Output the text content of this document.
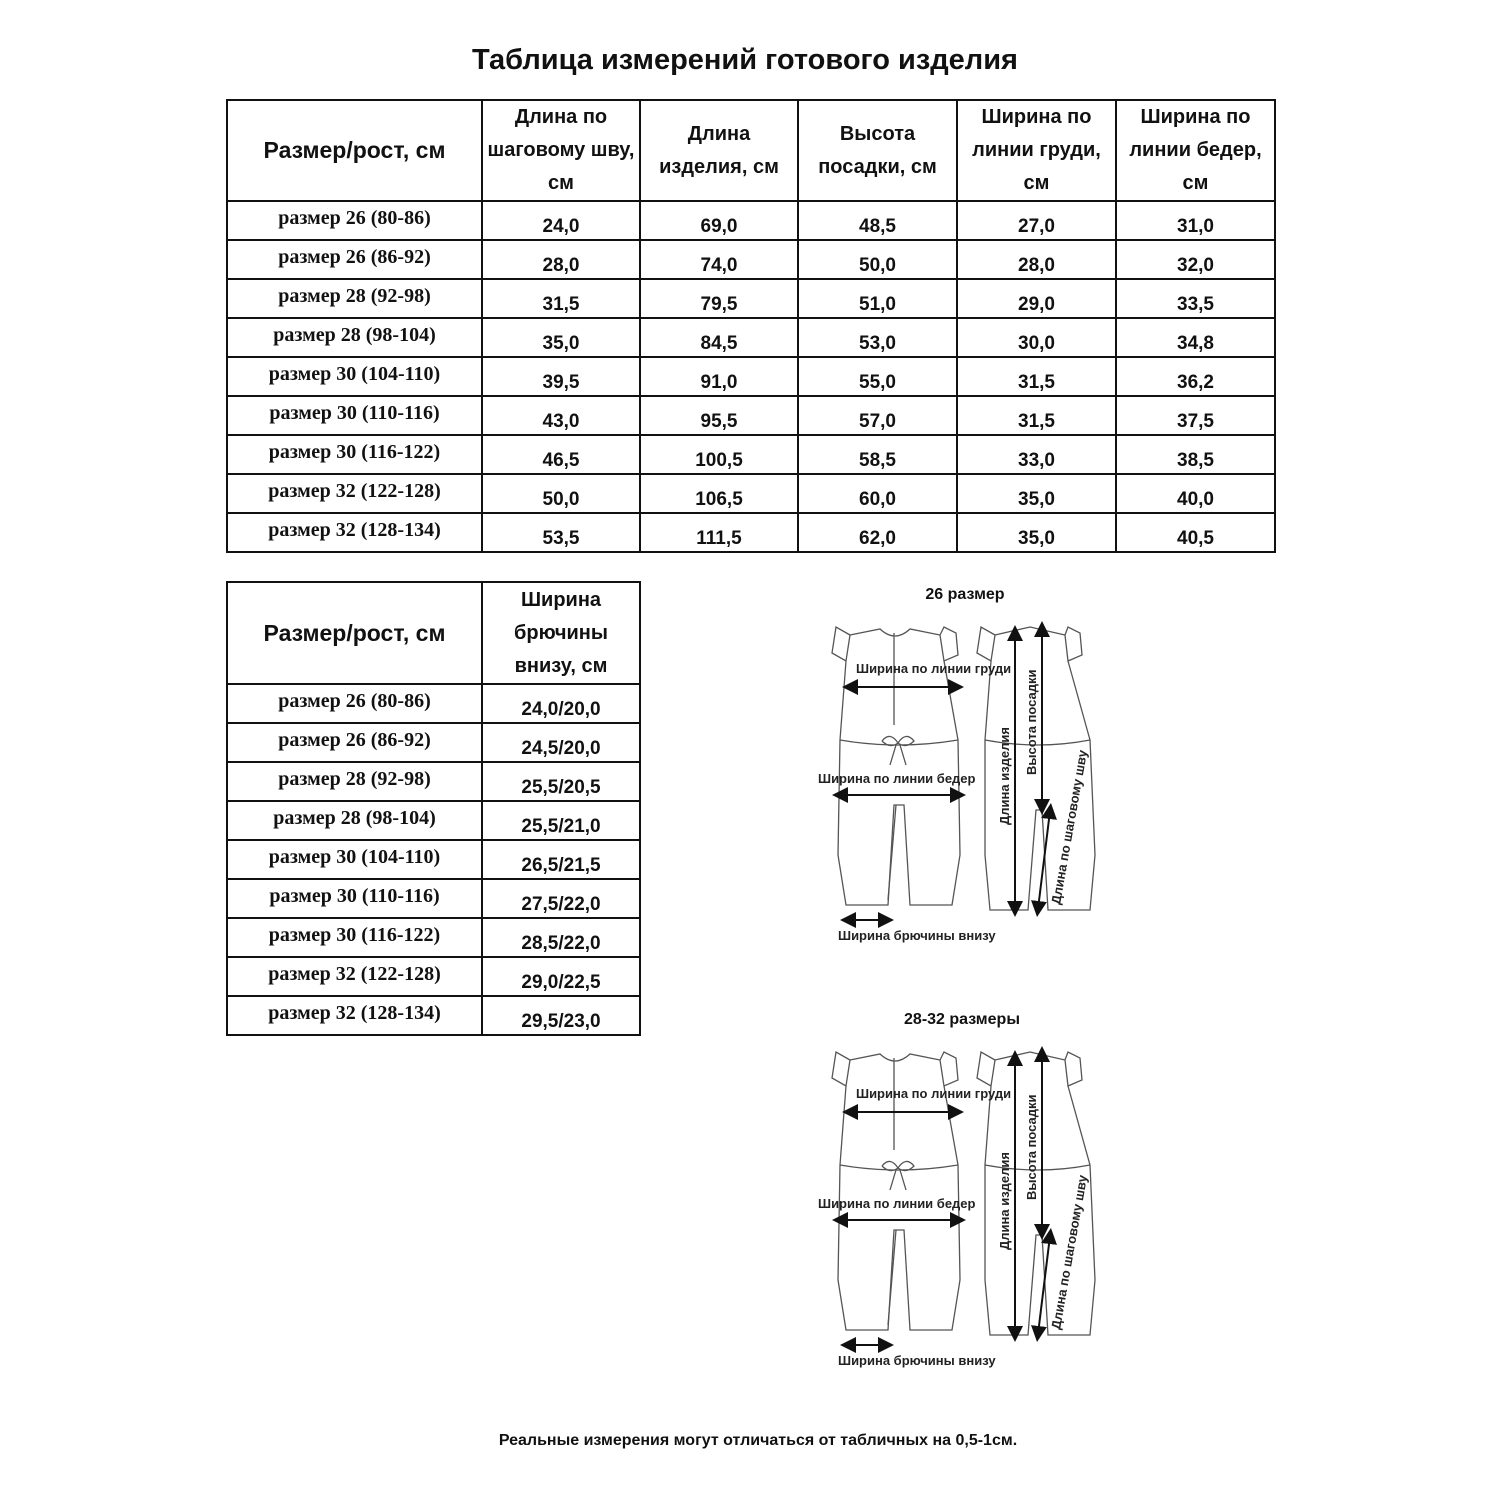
Таблица измерений готового изделия
Размер/рост, см	Длина по шаговому шву, см	Длина изделия, см	Высота посадки, см	Ширина по линии груди, см	Ширина по линии бедер, см
размер 26 (80-86)	24,0	69,0	48,5	27,0	31,0
размер 26 (86-92)	28,0	74,0	50,0	28,0	32,0
размер 28 (92-98)	31,5	79,5	51,0	29,0	33,5
размер 28 (98-104)	35,0	84,5	53,0	30,0	34,8
размер 30 (104-110)	39,5	91,0	55,0	31,5	36,2
размер 30 (110-116)	43,0	95,5	57,0	31,5	37,5
размер 30 (116-122)	46,5	100,5	58,5	33,0	38,5
размер 32 (122-128)	50,0	106,5	60,0	35,0	40,0
размер 32 (128-134)	53,5	111,5	62,0	35,0	40,5
Размер/рост, см	Ширина брючины внизу, см
размер 26 (80-86)	24,0/20,0
размер 26 (86-92)	24,5/20,0
размер 28 (92-98)	25,5/20,5
размер 28 (98-104)	25,5/21,0
размер 30 (104-110)	26,5/21,5
размер 30 (110-116)	27,5/22,0
размер 30 (116-122)	28,5/22,0
размер 32 (122-128)	29,0/22,5
размер 32 (128-134)	29,5/23,0
26 размер
Ширина по линии груди
Ширина по линии бедер
Ширина брючины внизу
Длина изделия
Высота посадки
Длина по шаговому шву
28-32 размеры
Ширина по линии груди
Ширина по линии бедер
Ширина брючины внизу
Длина изделия
Высота посадки
Длина по шаговому шву
Реальные измерения могут отличаться от табличных на 0,5-1см.
